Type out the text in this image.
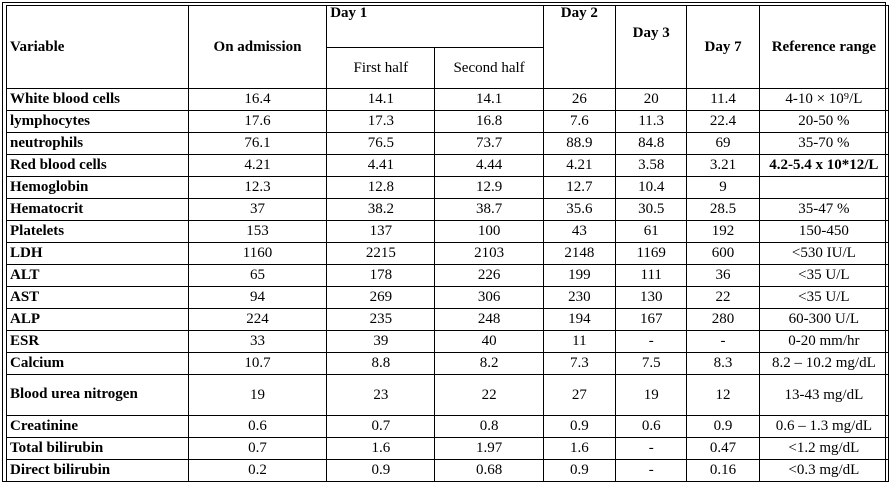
Variable	On admission	Day 1		Day 2	Day 3	Day 7	Reference range
		First half	Second half				
White blood cells	16.4	14.1	14.1	26	20	11.4	4-10 × 10⁹/L
lymphocytes	17.6	17.3	16.8	7.6	11.3	22.4	20-50 %
neutrophils	76.1	76.5	73.7	88.9	84.8	69	35-70 %
Red blood cells	4.21	4.41	4.44	4.21	3.58	3.21	4.2-5.4 x 10*12/L
Hemoglobin	12.3	12.8	12.9	12.7	10.4	9	
Hematocrit	37	38.2	38.7	35.6	30.5	28.5	35-47 %
Platelets	153	137	100	43	61	192	150-450
LDH	1160	2215	2103	2148	1169	600	<530 IU/L
ALT	65	178	226	199	111	36	<35 U/L
AST	94	269	306	230	130	22	<35 U/L
ALP	224	235	248	194	167	280	60-300 U/L
ESR	33	39	40	11	-	-	0-20 mm/hr
Calcium	10.7	8.8	8.2	7.3	7.5	8.3	8.2 – 10.2 mg/dL
Blood urea nitrogen	19	23	22	27	19	12	13-43 mg/dL
Creatinine	0.6	0.7	0.8	0.9	0.6	0.9	0.6 – 1.3 mg/dL
Total bilirubin	0.7	1.6	1.97	1.6	-	0.47	<1.2 mg/dL
Direct bilirubin	0.2	0.9	0.68	0.9	-	0.16	<0.3 mg/dL
